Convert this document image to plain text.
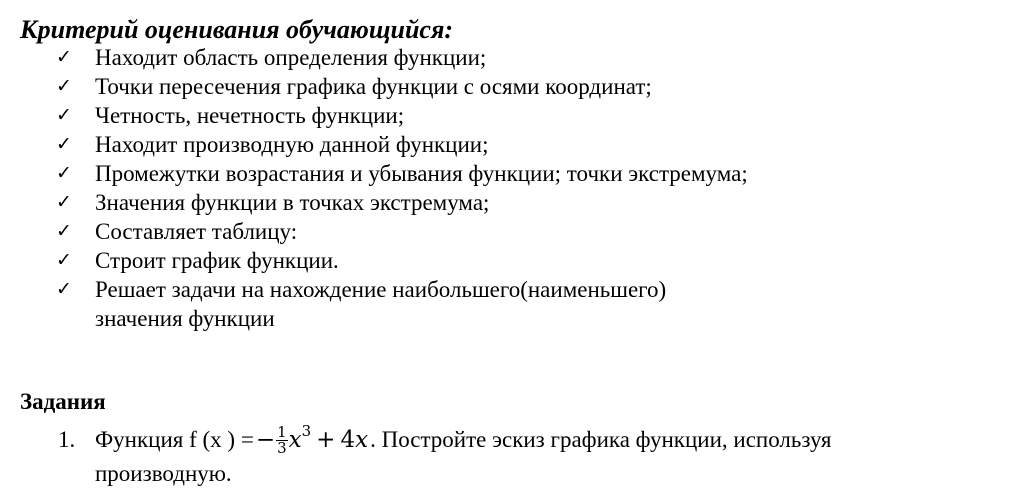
Критерий оценивания обучающийся:
✓ Находит область определения функции;
✓ Точки пересечения графика функции с осями координат;
✓ Четность, нечетность функции;
✓ Находит производную данной функции;
✓ Промежутки возрастания и убывания функции; точки экстремума;
✓ Значения функции в точках экстремума;
✓ Составляет таблицу:
✓ Строит график функции.
✓ Решает задачи на нахождение наибольшего(наименьшего)
значения функции
Задания
1. Функция f (x ) = − $\frac{1}{3}$ x 3 + 4 x . Постройте эскиз графика функции, используя
производную.
